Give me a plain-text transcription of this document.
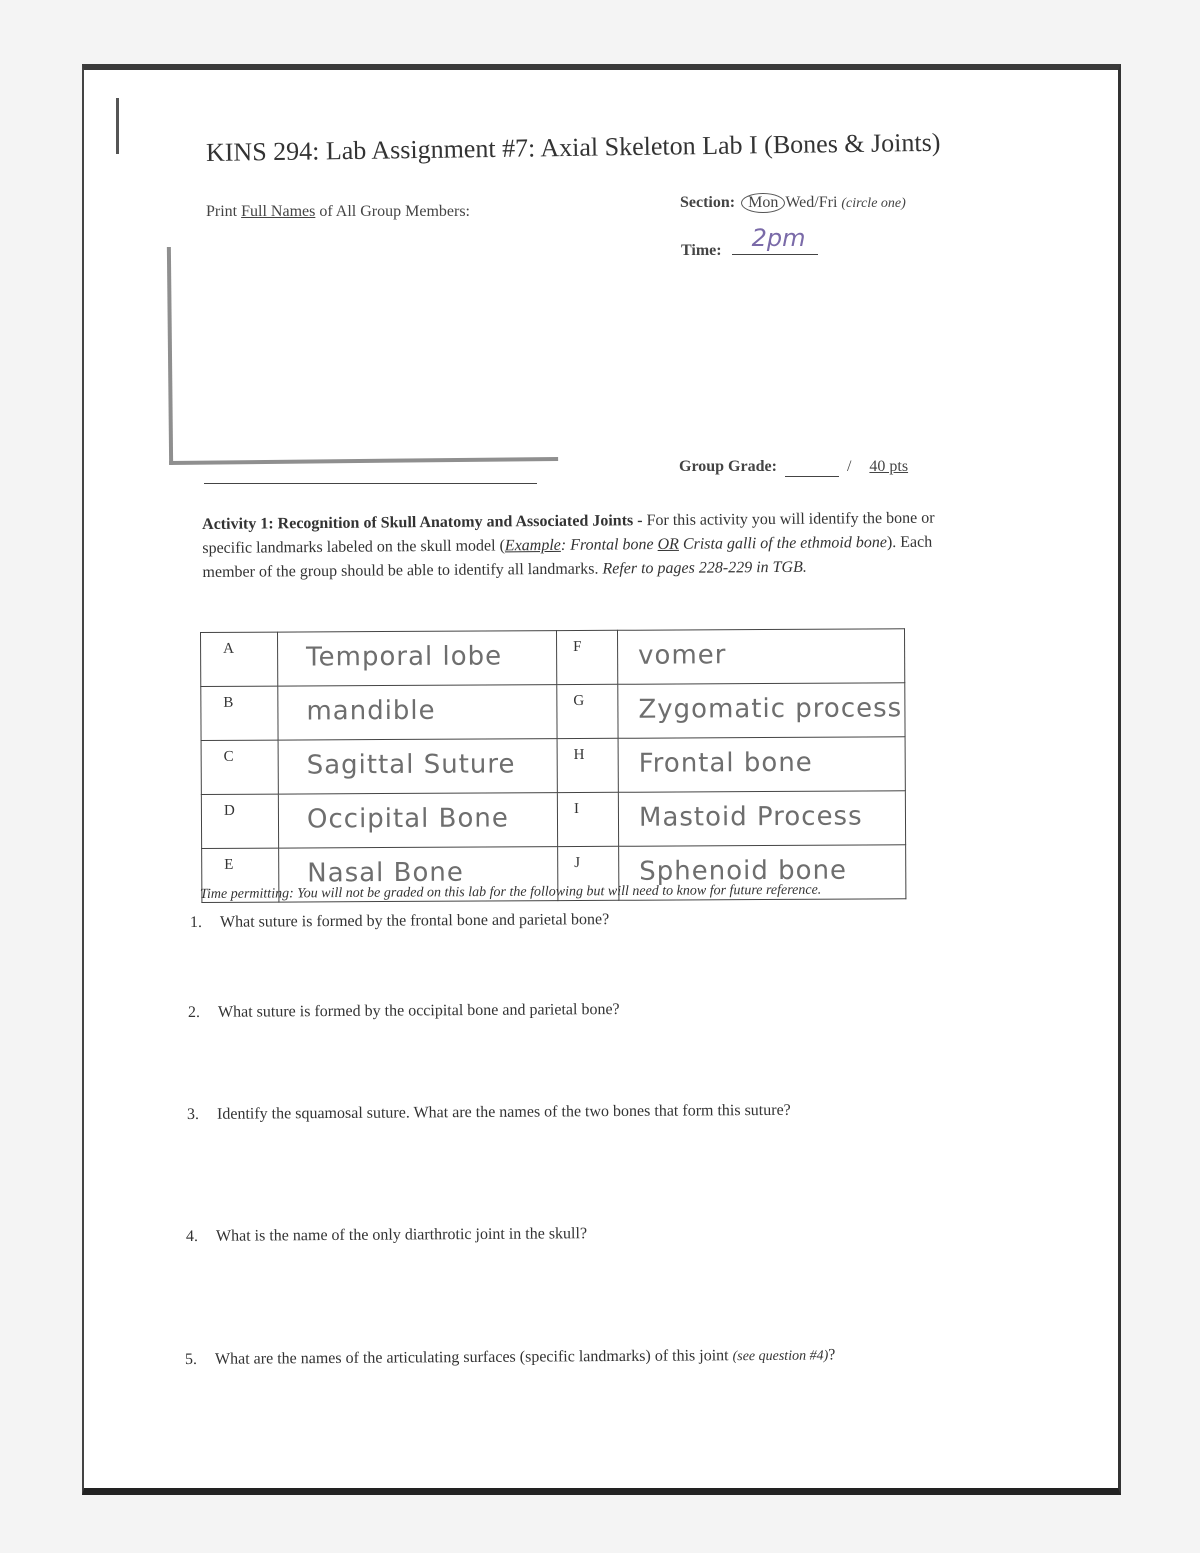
KINS 294: Lab Assignment #7: Axial Skeleton Lab I (Bones & Joints)
Print Full Names of All Group Members:
Section: Mon Wed/Fri (circle one)
Time: 2pm
Group Grade:	/ 40 pts
Activity 1: Recognition of Skull Anatomy and Associated Joints - For this activity you will identify the bone or specific landmarks labeled on the skull model (Example: Frontal bone OR Crista galli of the ethmoid bone). Each member of the group should be able to identify all landmarks. Refer to pages 228-229 in TGB.
A	Temporal lobe	F	vomer
B	mandible	G	Zygomatic process
C	Sagittal Suture	H	Frontal bone
D	Occipital Bone	I	Mastoid Process
E	Nasal Bone	J	Sphenoid bone
Time permitting: You will not be graded on this lab for the following but will need to know for future reference.
1. What suture is formed by the frontal bone and parietal bone?
2. What suture is formed by the occipital bone and parietal bone?
3. Identify the squamosal suture. What are the names of the two bones that form this suture?
4. What is the name of the only diarthrotic joint in the skull?
5. What are the names of the articulating surfaces (specific landmarks) of this joint (see question #4)?
